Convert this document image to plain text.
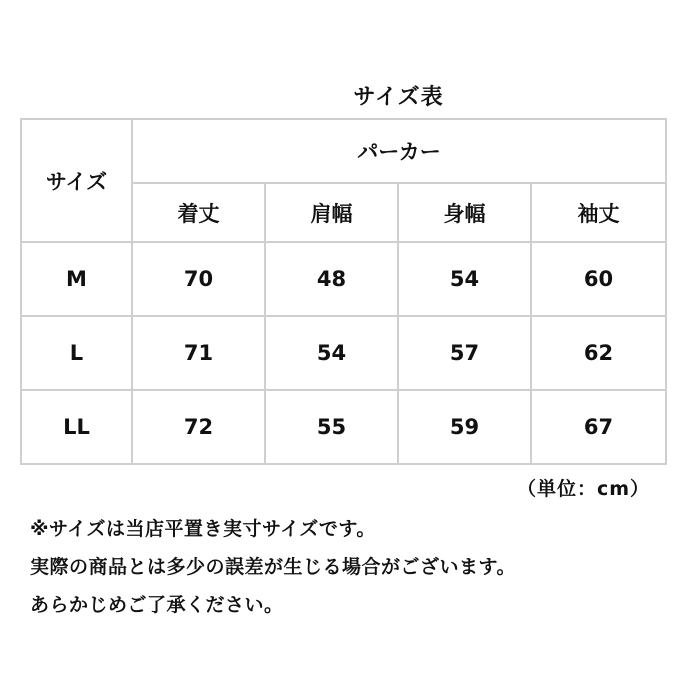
サイズ表
サイズ	パーカー			
	着丈	肩幅	身幅	袖丈
M	70	48	54	60
L	71	54	57	62
LL	72	55	59	67
（単位：cm）
※サイズは当店平置き実寸サイズです。
実際の商品とは多少の誤差が生じる場合がございます。
あらかじめご了承ください。
